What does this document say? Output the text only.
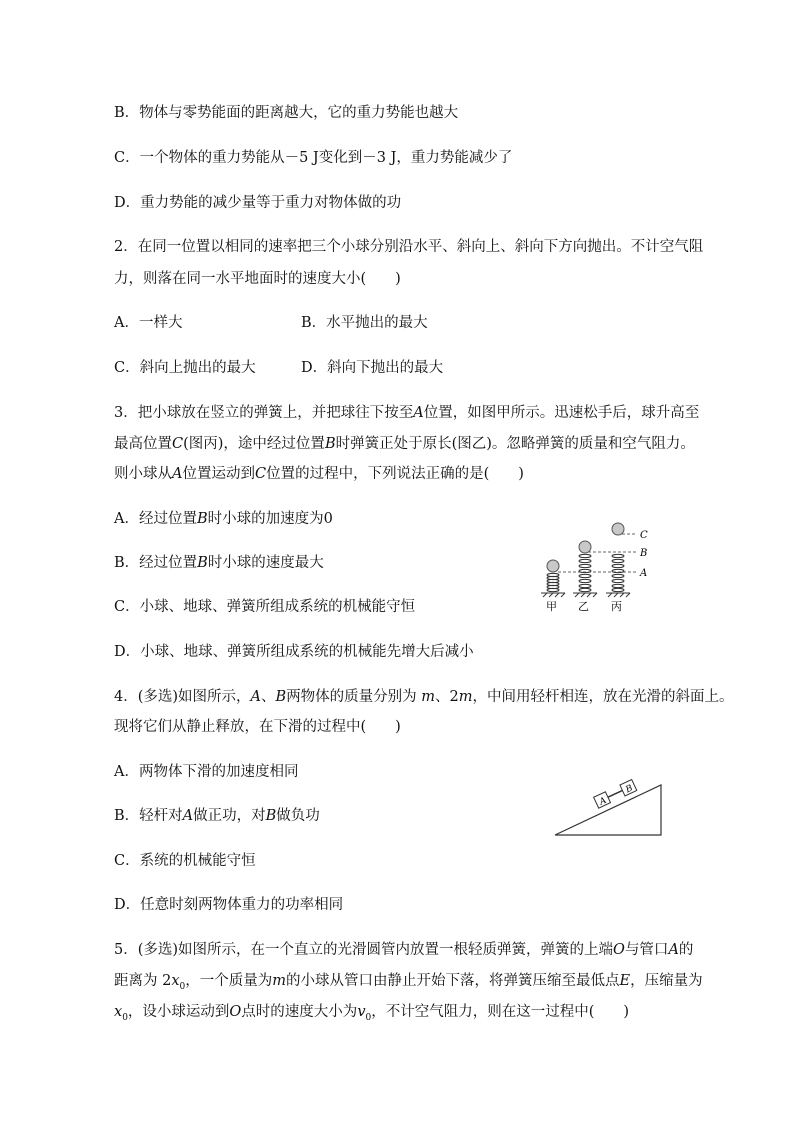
B．物体与零势能面的距离越大，它的重力势能也越大
C．一个物体的重力势能从－5 J变化到－3 J，重力势能减少了
D．重力势能的减少量等于重力对物体做的功
2．在同一位置以相同的速率把三个小球分别沿水平、斜向上、斜向下方向抛出。不计空气阻
力，则落在同一水平地面时的速度大小(　　)
A．一样大	B．水平抛出的最大
C．斜向上抛出的最大	D．斜向下抛出的最大
3．把小球放在竖立的弹簧上，并把球往下按至A位置，如图甲所示。迅速松手后，球升高至
最高位置C(图丙)，途中经过位置B时弹簧正处于原长(图乙)。忽略弹簧的质量和空气阻力。
则小球从A位置运动到C位置的过程中，下列说法正确的是(　　)
A．经过位置B时小球的加速度为0
B．经过位置B时小球的速度最大
C．小球、地球、弹簧所组成系统的机械能守恒
D．小球、地球、弹簧所组成系统的机械能先增大后减小
C
B
A
甲 乙 丙
4．(多选)如图所示，A、B两物体的质量分别为 m、2m，中间用轻杆相连，放在光滑的斜面上。
现将它们从静止释放，在下滑的过程中(　　)
A．两物体下滑的加速度相同
B．轻杆对A做正功，对B做负功
C．系统的机械能守恒
D．任意时刻两物体重力的功率相同
A
B
5．(多选)如图所示，在一个直立的光滑圆管内放置一根轻质弹簧，弹簧的上端O与管口A的
距离为 $2x_0$，一个质量为m的小球从管口由静止开始下落，将弹簧压缩至最低点E，压缩量为
$x_0$，设小球运动到O点时的速度大小为$v_0$，不计空气阻力，则在这一过程中(　　)
